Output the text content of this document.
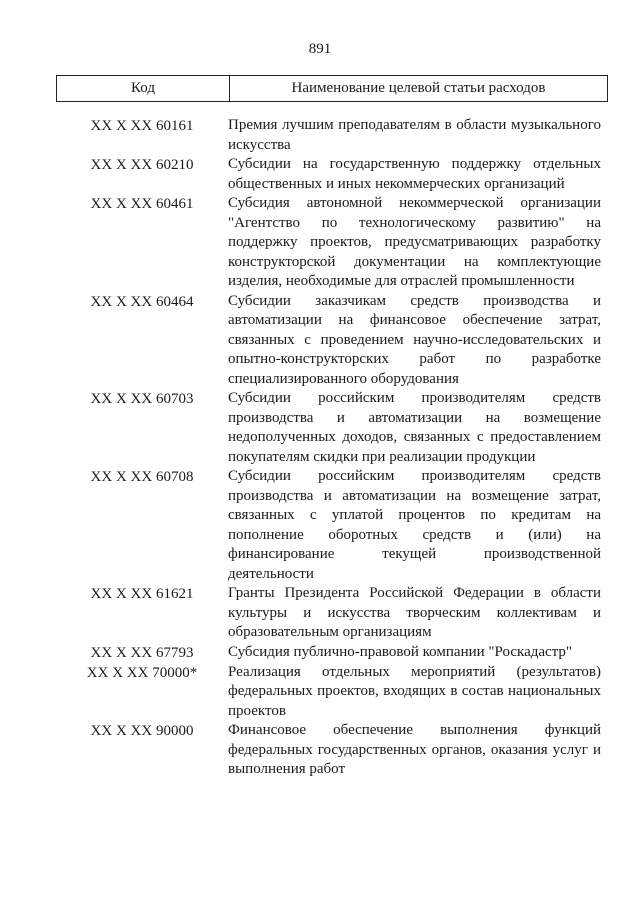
891
Код	Наименование целевой статьи расходов
XX X XX 60161	Премия лучшим преподавателям в области музыкального искусства
XX X XX 60210	Субсидии на государственную поддержку отдельных общественных и иных некоммерческих организаций
XX X XX 60461	Субсидия автономной некоммерческой организации "Агентство по технологическому развитию" на поддержку проектов, предусматривающих разработку конструкторской документации на комплектующие изделия, необходимые для отраслей промышленности
XX X XX 60464	Субсидии заказчикам средств производства и автоматизации на финансовое обеспечение затрат, связанных с проведением научно-исследовательских и опытно-конструкторских работ по разработке специализированного оборудования
XX X XX 60703	Субсидии российским производителям средств производства и автоматизации на возмещение недополученных доходов, связанных с предоставлением покупателям скидки при реализации продукции
XX X XX 60708	Субсидии российским производителям средств производства и автоматизации на возмещение затрат, связанных с уплатой процентов по кредитам на пополнение оборотных средств и (или) на финансирование текущей производственной деятельности
XX X XX 61621	Гранты Президента Российской Федерации в области культуры и искусства творческим коллективам и образовательным организациям
XX X XX 67793	Субсидия публично-правовой компании "Роскадастр"
XX X XX 70000*	Реализация отдельных мероприятий (результатов) федеральных проектов, входящих в состав национальных проектов
XX X XX 90000	Финансовое обеспечение выполнения функций федеральных государственных органов, оказания услуг и выполнения работ
